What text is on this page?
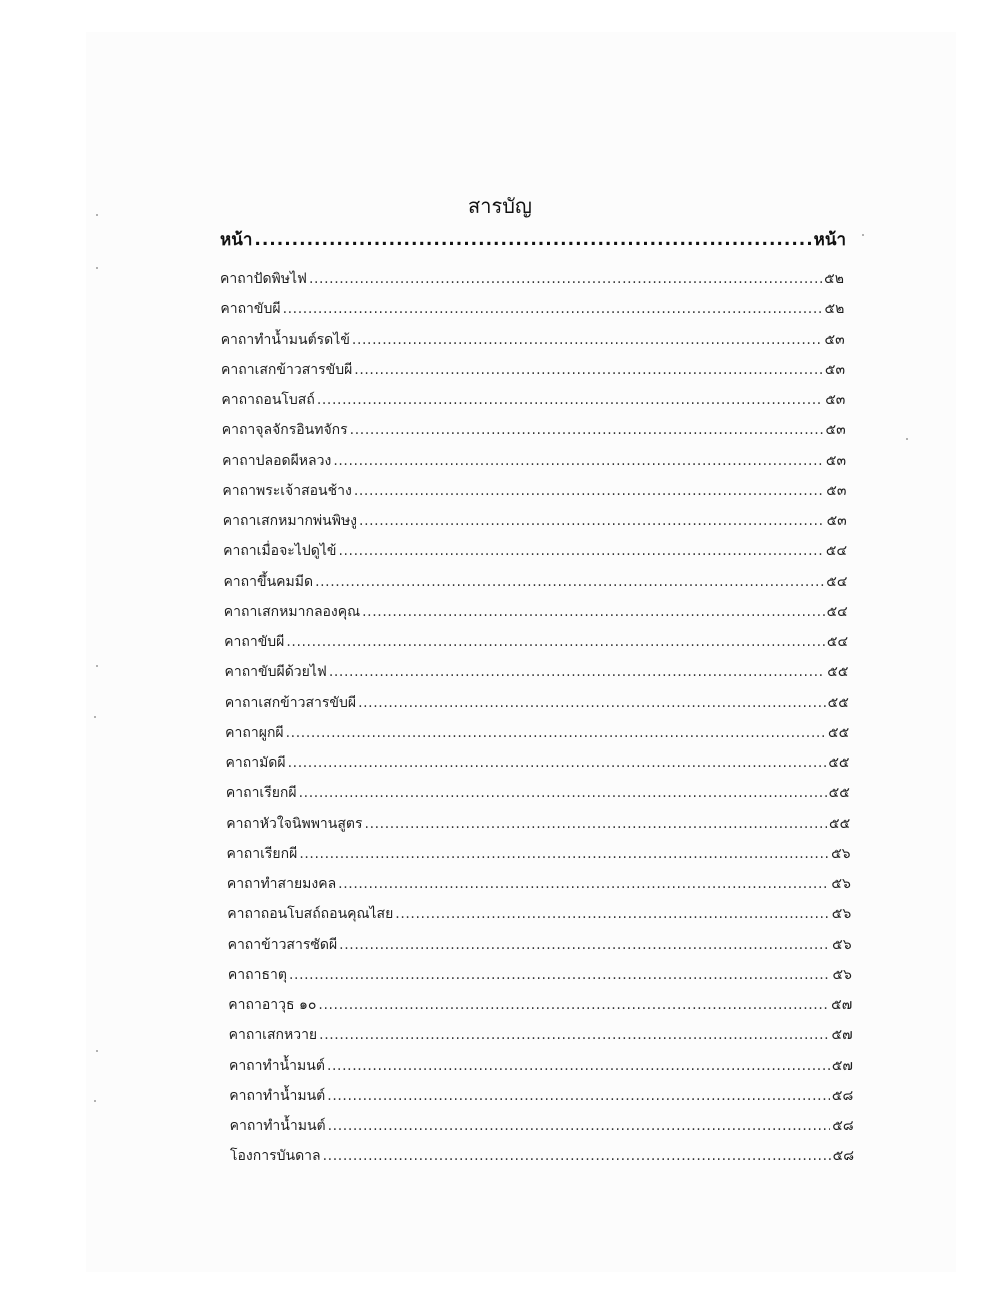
สารบัญ
หน้า .....	หน้า
คาถาปัดพิษไฟ .....	๕๒
คาถาขับผี .....	๕๒
คาถาทำน้ำมนต์รดไข้ .....	๕๓
คาถาเสกข้าวสารขับผี .....	๕๓
คาถาถอนโบสถ์ .....	๕๓
คาถาจุลจักรอินทจักร .....	๕๓
คาถาปลอดผีหลวง .....	๕๓
คาถาพระเจ้าสอนช้าง .....	๕๓
คาถาเสกหมากพ่นพิษงู .....	๕๓
คาถาเมื่อจะไปดูไข้ .....	๕๔
คาถาขึ้นคมมีด .....	๕๔
คาถาเสกหมากลองคุณ .....	๕๔
คาถาขับผี .....	๕๔
คาถาขับผีด้วยไฟ .....	๕๕
คาถาเสกข้าวสารขับผี .....	๕๕
คาถาผูกผี .....	๕๕
คาถามัดผี .....	๕๕
คาถาเรียกผี .....	๕๕
คาถาหัวใจนิพพานสูตร .....	๕๕
คาถาเรียกผี .....	๕๖
คาถาทำสายมงคล .....	๕๖
คาถาถอนโบสถ์ถอนคุณไสย .....	๕๖
คาถาข้าวสารซัดผี .....	๕๖
คาถาธาตุ .....	๕๖
คาถาอาวุธ ๑๐ .....	๕๗
คาถาเสกหวาย .....	๕๗
คาถาทำน้ำมนต์ .....	๕๗
คาถาทำน้ำมนต์ .....	๕๘
คาถาทำน้ำมนต์ .....	๕๘
โองการบันดาล .....	๕๘
